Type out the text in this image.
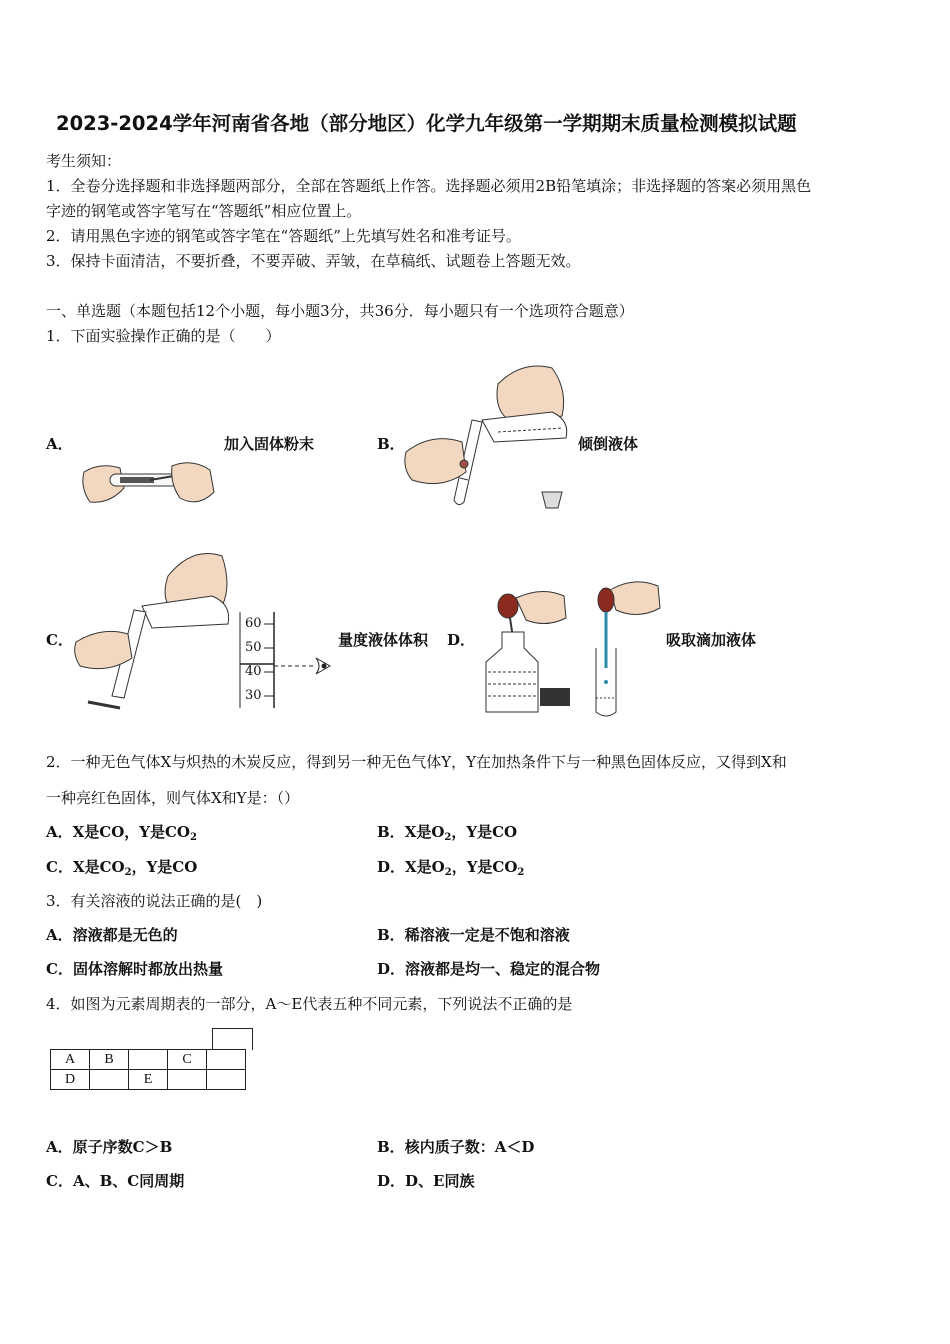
2023-2024学年河南省各地（部分地区）化学九年级第一学期期末质量检测模拟试题
考生须知：
1．全卷分选择题和非选择题两部分，全部在答题纸上作答。选择题必须用2B铅笔填涂；非选择题的答案必须用黑色
字迹的钢笔或答字笔写在“答题纸”相应位置上。
2．请用黑色字迹的钢笔或答字笔在“答题纸”上先填写姓名和准考证号。
3．保持卡面清洁，不要折叠，不要弄破、弄皱，在草稿纸、试题卷上答题无效。
一、单选题（本题包括12个小题，每小题3分，共36分．每小题只有一个选项符合题意）
1．下面实验操作正确的是（　　）
A．	加入固体粉末	B．	倾倒液体
C．	量度液体体积 D．	吸取滴加液体
60
50
40
30
2．一种无色气体X与炽热的木炭反应，得到另一种无色气体Y，Y在加热条件下与一种黑色固体反应，又得到X和
一种亮红色固体，则气体X和Y是：（）
A．X是CO，Y是$CO_2$	B．X是$O_2$，Y是CO
C．X是$CO_2$，Y是CO	D．X是$O_2$，Y是$CO_2$
3．有关溶液的说法正确的是(　)
A．溶液都是无色的	B．稀溶液一定是不饱和溶液
C．固体溶解时都放出热量	D．溶液都是均一、稳定的混合物
4．如图为元素周期表的一部分，A～E代表五种不同元素，下列说法不正确的是
A	B		C	
D		E		
A．原子序数C＞B	B．核内质子数：A＜D
C．A、B、C同周期	D．D、E同族
